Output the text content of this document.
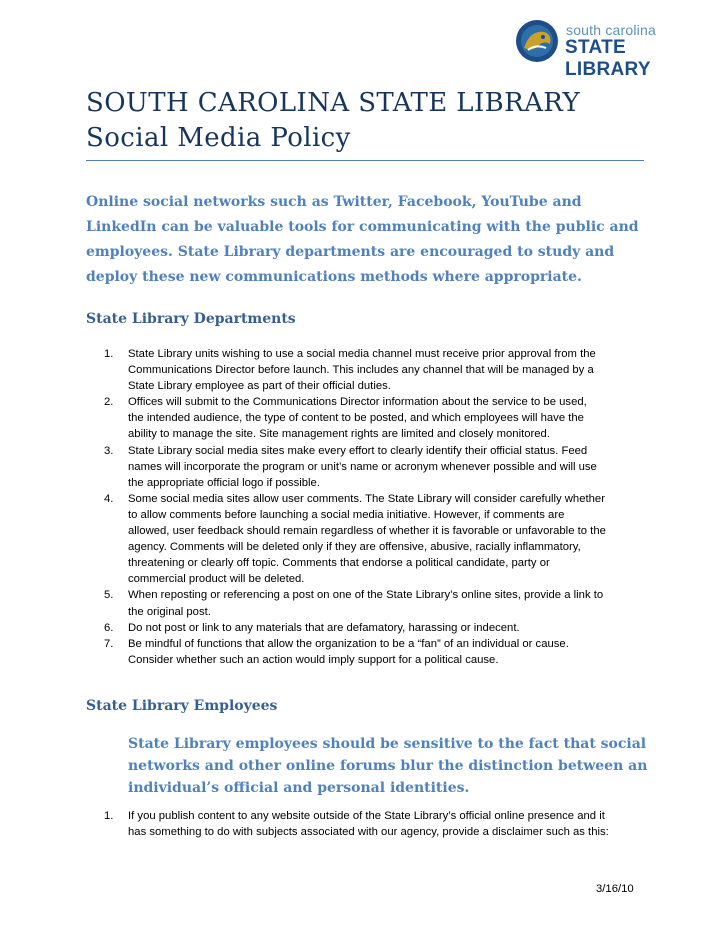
south carolina
STATE LIBRARY
SOUTH CAROLINA STATE LIBRARY
Social Media Policy
Online social networks such as Twitter, Facebook, YouTube and
LinkedIn can be valuable tools for communicating with the public and
employees. State Library departments are encouraged to study and
deploy these new communications methods where appropriate.
State Library Departments
1. State Library units wishing to use a social media channel must receive prior approval from the
Communications Director before launch. This includes any channel that will be managed by a
State Library employee as part of their official duties.
2. Offices will submit to the Communications Director information about the service to be used,
the intended audience, the type of content to be posted, and which employees will have the
ability to manage the site. Site management rights are limited and closely monitored.
3. State Library social media sites make every effort to clearly identify their official status. Feed
names will incorporate the program or unit’s name or acronym whenever possible and will use
the appropriate official logo if possible.
4. Some social media sites allow user comments. The State Library will consider carefully whether
to allow comments before launching a social media initiative. However, if comments are
allowed, user feedback should remain regardless of whether it is favorable or unfavorable to the
agency. Comments will be deleted only if they are offensive, abusive, racially inflammatory,
threatening or clearly off topic. Comments that endorse a political candidate, party or
commercial product will be deleted.
5. When reposting or referencing a post on one of the State Library’s online sites, provide a link to
the original post.
6. Do not post or link to any materials that are defamatory, harassing or indecent.
7. Be mindful of functions that allow the organization to be a “fan” of an individual or cause.
Consider whether such an action would imply support for a political cause.
State Library Employees
State Library employees should be sensitive to the fact that social
networks and other online forums blur the distinction between an
individual’s official and personal identities.
1. If you publish content to any website outside of the State Library’s official online presence and it
has something to do with subjects associated with our agency, provide a disclaimer such as this:
3/16/10
